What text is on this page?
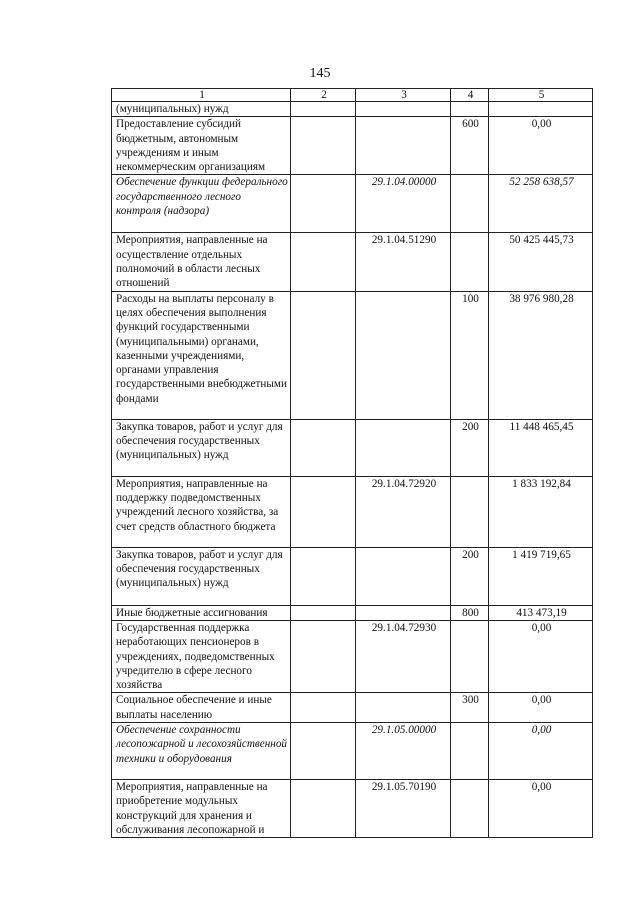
145
1	2	3	4	5
(муниципальных) нужд				
Предоставление субсидий бюджетным, автономным учреждениям и иным некоммерческим организациям			600	0,00
Обеспечение функции федерального государственного лесного контроля (надзора)		29.1.04.00000		52 258 638,57
Мероприятия, направленные на осуществление отдельных полномочий в области лесных отношений		29.1.04.51290		50 425 445,73
Расходы на выплаты персоналу в целях обеспечения выполнения функций государственными (муниципальными) органами, казенными учреждениями, органами управления государственными внебюджетными фондами			100	38 976 980,28
Закупка товаров, работ и услуг для обеспечения государственных (муниципальных) нужд			200	11 448 465,45
Мероприятия, направленные на поддержку подведомственных учреждений лесного хозяйства, за счет средств областного бюджета		29.1.04.72920		1 833 192,84
Закупка товаров, работ и услуг для обеспечения государственных (муниципальных) нужд			200	1 419 719,65
Иные бюджетные ассигнования			800	413 473,19
Государственная поддержка неработающих пенсионеров в учреждениях, подведомственных учредителю в сфере лесного хозяйства		29.1.04.72930		0,00
Социальное обеспечение и иные выплаты населению			300	0,00
Обеспечение сохранности лесопожарной и лесохозяйственной техники и оборудования		29.1.05.00000		0,00
Мероприятия, направленные на приобретение модульных конструкций для хранения и обслуживания лесопожарной и		29.1.05.70190		0,00
